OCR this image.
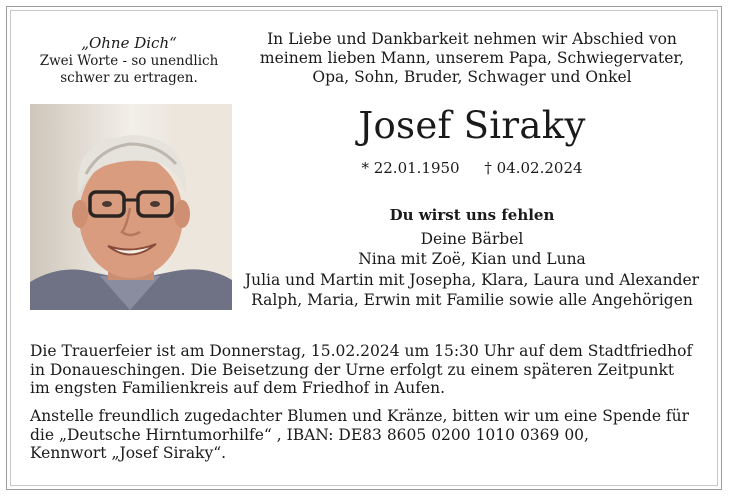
„Ohne Dich“
Zwei Worte - so unendlich
schwer zu ertragen.
In Liebe und Dankbarkeit nehmen wir Abschied von
meinem lieben Mann, unserem Papa, Schwiegervater,
Opa, Sohn, Bruder, Schwager und Onkel
Josef Siraky
* 22.01.1950 † 04.02.2024
Du wirst uns fehlen
Deine Bärbel
Nina mit Zoë, Kian und Luna
Julia und Martin mit Josepha, Klara, Laura und Alexander
Ralph, Maria, Erwin mit Familie sowie alle Angehörigen
Die Trauerfeier ist am Donnerstag, 15.02.2024 um 15:30 Uhr auf dem Stadtfriedhof
in Donaueschingen. Die Beisetzung der Urne erfolgt zu einem späteren Zeitpunkt
im engsten Familienkreis auf dem Friedhof in Aufen.
Anstelle freundlich zugedachter Blumen und Kränze, bitten wir um eine Spende für
die „Deutsche Hirntumorhilfe“ , IBAN: DE83 8605 0200 1010 0369 00,
Kennwort „Josef Siraky“.
